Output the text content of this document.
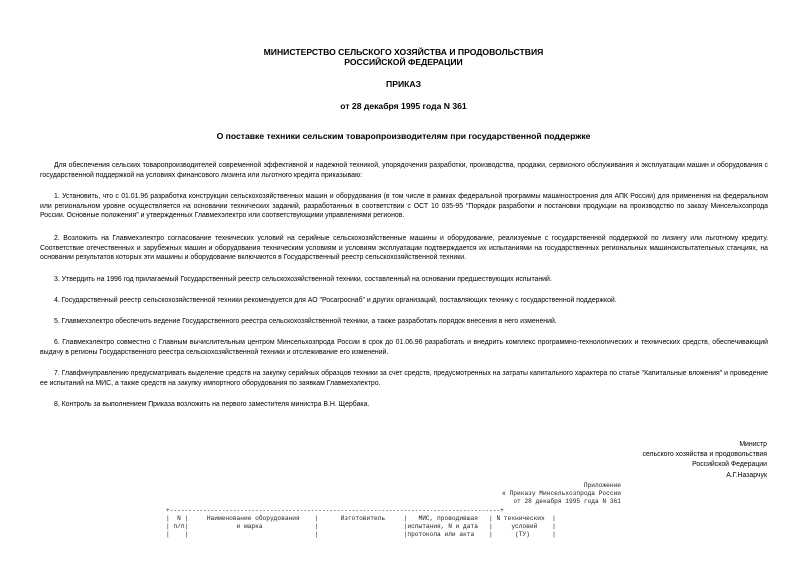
МИНИСТЕРСТВО СЕЛЬСКОГО ХОЗЯЙСТВА И ПРОДОВОЛЬСТВИЯ
РОССИЙСКОЙ ФЕДЕРАЦИИ
ПРИКАЗ
от 28 декабря 1995 года N 361
О поставке техники сельским товаропроизводителям при государственной поддержке

Для обеспечения сельских товаропроизводителей современной эффективной и надежной техникой, упорядочения разработки, производства, продажи, сервисного обслуживания и эксплуатации машин и оборудования с государственной поддержкой на условиях финансового лизинга или льготного кредита приказываю:

1. Установить, что с 01.01.96 разработка конструкции сельскохозяйственных машин и оборудования (в том числе в рамках федеральной программы машиностроения для АПК России) для применения на федеральном или региональном уровне осуществляется на основании технических заданий, разработанных в соответствии с ОСТ 10 035-95 "Порядок разработки и постановки продукции на производство по заказу Минсельхозпрода России. Основные положения" и утвержденных Главмехэлектро или соответствующими управлениями регионов.

2. Возложить на Главмехэлектро согласование технических условий на серийные сельскохозяйственные машины и оборудование, реализуемые с государственной поддержкой по лизингу или льготному кредиту. Соответствие отечественных и зарубежных машин и оборудования техническим условиям и условиям эксплуатации подтверждается их испытаниями на государственных региональных машиноиспытательных станциях, на основании результатов которых эти машины и оборудование включаются в Государственный реестр сельскохозяйственной техники.

3. Утвердить на 1996 год прилагаемый Государственный реестр сельскохозяйственной техники, составленный на основании предшествующих испытаний.

4. Государственный реестр сельскохозяйственной техники рекомендуется для АО "Росагроснаб" и других организаций, поставляющих технику с государственной поддержкой.

5. Главмехэлектро обеспечить ведение Государственного реестра сельскохозяйственной техники, а также разработать порядок внесения в него изменений.

6. Главмехэлектро совместно с Главным вычислительным центром Минсельхозпрода России в срок до 01.06.96 разработать и внедрить комплекс программно-технологических и технических средств, обеспечивающий выдачу в регионы Государственного реестра сельскохозяйственной техники и отслеживание его изменений.

7. Главфинуправлению предусматривать выделение средств на закупку серийных образцов техники за счет средств, предусмотренных на затраты капитального характера по статье "Капитальные вложения" и проведение ее испытаний на МИС, а также средств на закупку импортного оборудования по заявкам Главмехэлектро.

8. Контроль за выполнением Приказа возложить на первого заместителя министра В.Н. Щербака.

Министр
сельского хозяйства и продовольствия
Российской Федерации
А.Г.Назарчук
Приложение
к Приказу Минсельхозпрода России
от 28 декабря 1995 года N 361
+-----------------------------------------------------------------------------------------+
|  N |     Наименование оборудования    |      Изготовитель     |   МИС, проводившая   | N технических  |
| п/п|             и марка              |                       |испытания, N и дата   |     условий    |
|    |                                  |                       |протокола или акта    |      (ТУ)      |
